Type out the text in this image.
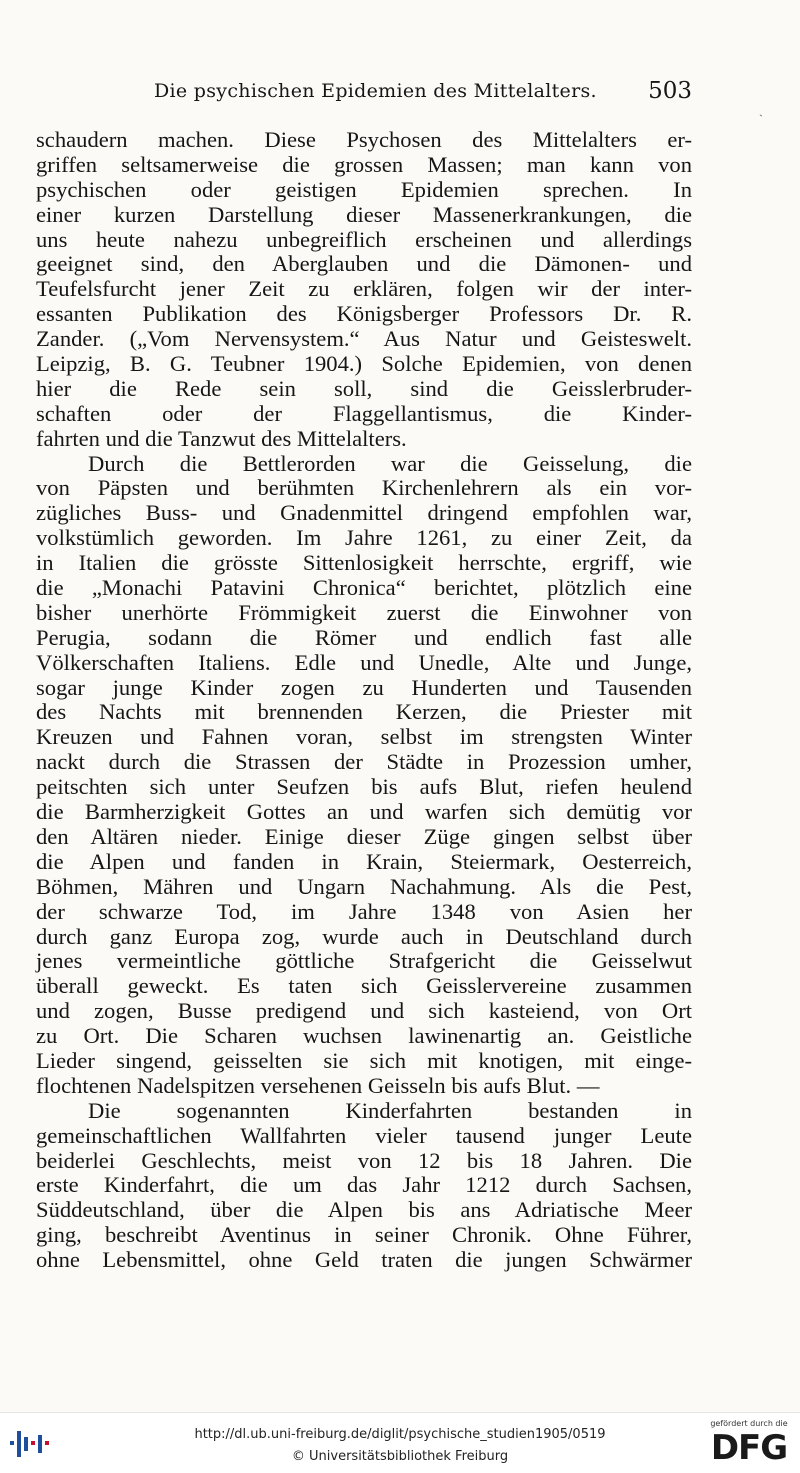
Die psychischen Epidemien des Mittelalters. 503
ˏ
schaudern machen. Diese Psychosen des Mittelalters er-
griffen seltsamerweise die grossen Massen; man kann von
psychischen oder geistigen Epidemien sprechen. In
einer kurzen Darstellung dieser Massenerkrankungen, die
uns heute nahezu unbegreiflich erscheinen und allerdings
geeignet sind, den Aberglauben und die Dämonen- und
Teufelsfurcht jener Zeit zu erklären, folgen wir der inter-
essanten Publikation des Königsberger Professors Dr. R.
Zander. („Vom Nervensystem.“ Aus Natur und Geisteswelt.
Leipzig, B. G. Teubner 1904.) Solche Epidemien, von denen
hier die Rede sein soll, sind die Geisslerbruder-
schaften oder der Flaggellantismus, die Kinder-
fahrten und die Tanzwut des Mittelalters.
Durch die Bettlerorden war die Geisselung, die
von Päpsten und berühmten Kirchenlehrern als ein vor-
zügliches Buss- und Gnadenmittel dringend empfohlen war,
volkstümlich geworden. Im Jahre 1261, zu einer Zeit, da
in Italien die grösste Sittenlosigkeit herrschte, ergriff, wie
die „Monachi Patavini Chronica“ berichtet, plötzlich eine
bisher unerhörte Frömmigkeit zuerst die Einwohner von
Perugia, sodann die Römer und endlich fast alle
Völkerschaften Italiens. Edle und Unedle, Alte und Junge,
sogar junge Kinder zogen zu Hunderten und Tausenden
des Nachts mit brennenden Kerzen, die Priester mit
Kreuzen und Fahnen voran, selbst im strengsten Winter
nackt durch die Strassen der Städte in Prozession umher,
peitschten sich unter Seufzen bis aufs Blut, riefen heulend
die Barmherzigkeit Gottes an und warfen sich demütig vor
den Altären nieder. Einige dieser Züge gingen selbst über
die Alpen und fanden in Krain, Steiermark, Oesterreich,
Böhmen, Mähren und Ungarn Nachahmung. Als die Pest,
der schwarze Tod, im Jahre 1348 von Asien her
durch ganz Europa zog, wurde auch in Deutschland durch
jenes vermeintliche göttliche Strafgericht die Geisselwut
überall geweckt. Es taten sich Geisslervereine zusammen
und zogen, Busse predigend und sich kasteiend, von Ort
zu Ort. Die Scharen wuchsen lawinenartig an. Geistliche
Lieder singend, geisselten sie sich mit knotigen, mit einge-
flochtenen Nadelspitzen versehenen Geisseln bis aufs Blut. —
Die sogenannten Kinderfahrten bestanden in
gemeinschaftlichen Wallfahrten vieler tausend junger Leute
beiderlei Geschlechts, meist von 12 bis 18 Jahren. Die
erste Kinderfahrt, die um das Jahr 1212 durch Sachsen,
Süddeutschland, über die Alpen bis ans Adriatische Meer
ging, beschreibt Aventinus in seiner Chronik. Ohne Führer,
ohne Lebensmittel, ohne Geld traten die jungen Schwärmer
http://dl.ub.uni-freiburg.de/diglit/psychische_studien1905/0519
© Universitätsbibliothek Freiburg
gefördert durch die
DFG
